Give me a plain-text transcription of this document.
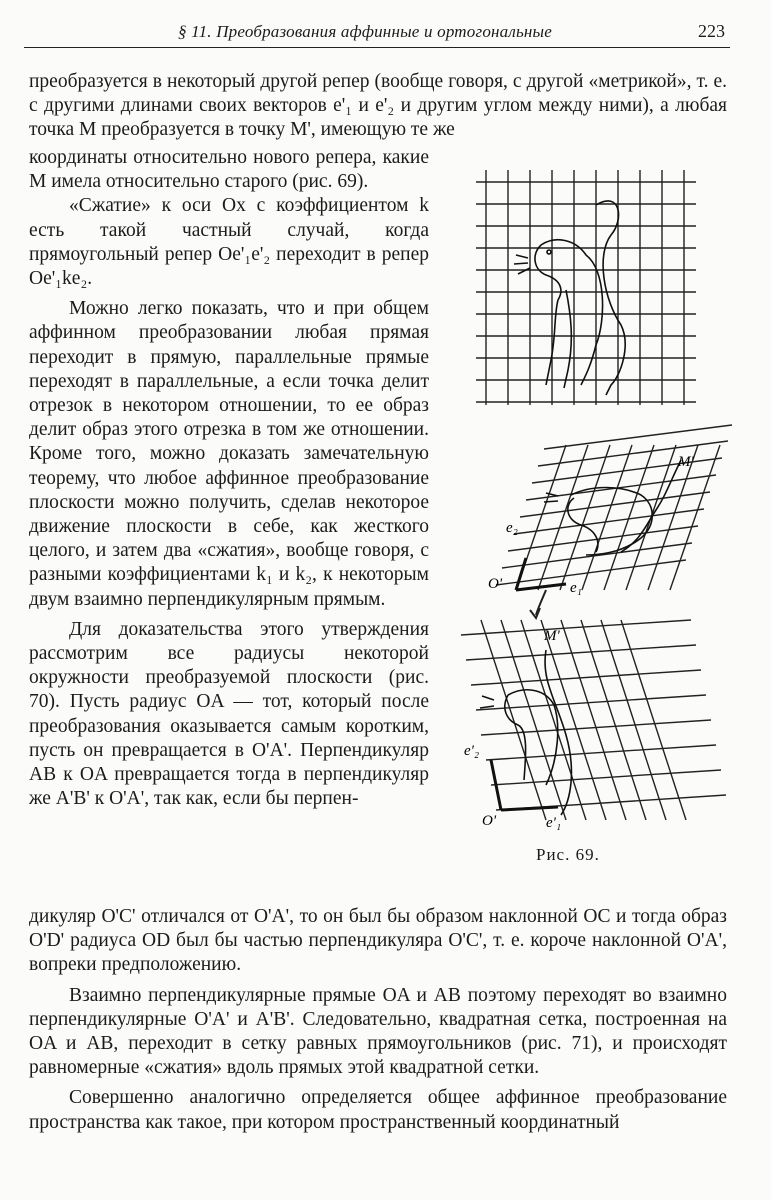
§ 11. Преобразования аффинные и ортогональные	223

преобразуется в некоторый другой репер (вообще говоря, с другой «метрикой», т. е. с другими длинами своих векторов e'₁ и e'₂ и другим углом между ними), а любая точка M преобразуется в точку M', имеющую те же

координаты относительно нового репера, какие M имела относительно старого (рис. 69).

«Сжатие» к оси Ox с коэффициентом k есть такой частный случай, когда прямоугольный репер Oe'₁e'₂ переходит в репер Oe'₁ke₂.

Можно легко показать, что и при общем аффинном преобразовании любая прямая переходит в прямую, параллельные прямые переходят в параллельные, а если точка делит отрезок в некотором отношении, то ее образ делит образ этого отрезка в том же отношении. Кроме того, можно доказать замечательную теорему, что любое аффинное преобразование плоскости можно получить, сделав некоторое движение плоскости в себе, как жесткого целого, и затем два «сжатия», вообще говоря, с разными коэффициентами k₁ и k₂, к некоторым двум взаимно перпендикулярным прямым.

Для доказательства этого утверждения рассмотрим все радиусы некоторой окружности преобразуемой плоскости (рис. 70). Пусть радиус OA — тот, который после преобразования оказывается самым коротким, пусть он превращается в O'A'. Перпендикуляр AB к OA превращается тогда в перпендикуляр же A'B' к O'A', так как, если бы перпен-

дикуляр O'C' отличался от O'A', то он был бы образом наклонной OC и тогда образ O'D' радиуса OD был бы частью перпендикуляра O'C', т. е. короче наклонной O'A', вопреки предположению.

Взаимно перпендикулярные прямые OA и AB поэтому переходят во взаимно перпендикулярные O'A' и A'B'. Следовательно, квадратная сетка, построенная на OA и AB, переходит в сетку равных прямоугольников (рис. 71), и происходят равномерные «сжатия» вдоль прямых этой квадратной сетки.

Совершенно аналогично определяется общее аффинное преобразование пространства как такое, при котором пространственный координатный

M'
e₂
O'	e₁
M'
e'₂
O'	e'₁
Рис. 69.
